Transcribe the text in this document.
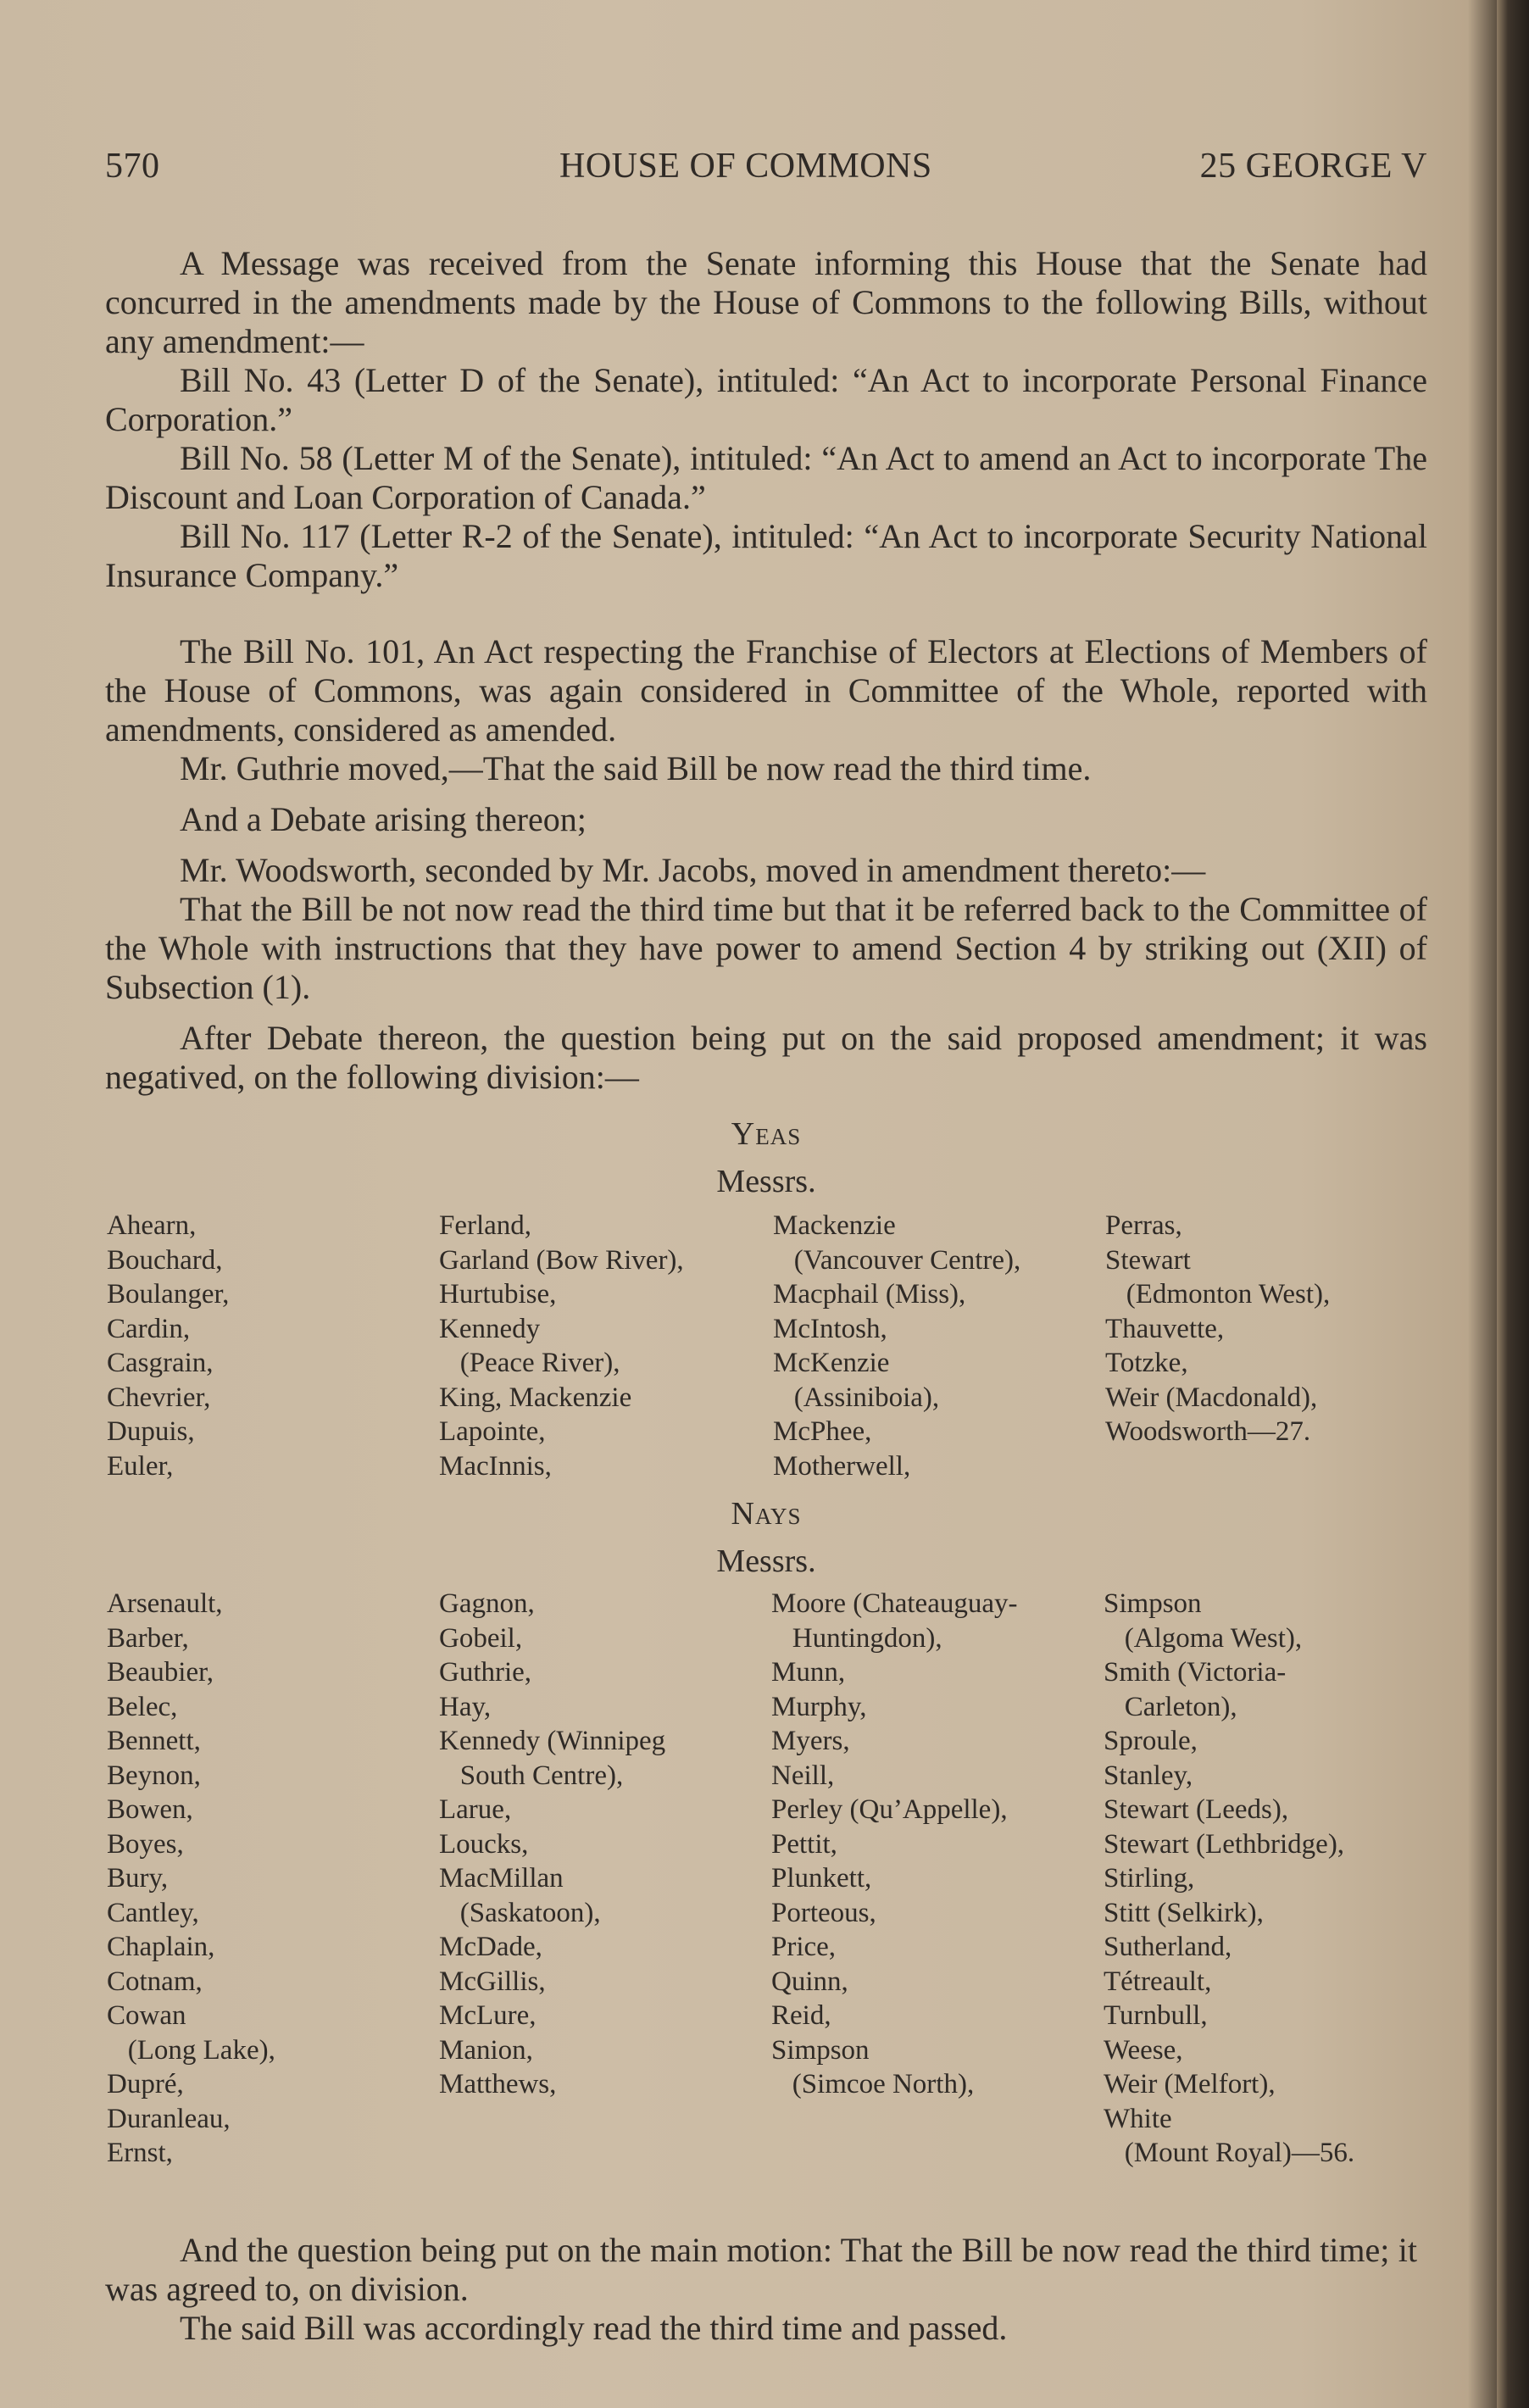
570	HOUSE OF COMMONS	25 GEORGE V

A Message was received from the Senate informing this House that the Senate had concurred in the amendments made by the House of Commons to the following Bills, without any amendment:—

Bill No. 43 (Letter D of the Senate), intituled: “An Act to incorporate Personal Finance Corporation.”

Bill No. 58 (Letter M of the Senate), intituled: “An Act to amend an Act to incorporate The Discount and Loan Corporation of Canada.”

Bill No. 117 (Letter R-2 of the Senate), intituled: “An Act to incorporate Security National Insurance Company.”

The Bill No. 101, An Act respecting the Franchise of Electors at Elections of Members of the House of Commons, was again considered in Committee of the Whole, reported with amendments, considered as amended.

Mr. Guthrie moved,—That the said Bill be now read the third time.

And a Debate arising thereon;

Mr. Woodsworth, seconded by Mr. Jacobs, moved in amendment thereto:—

That the Bill be not now read the third time but that it be referred back to the Committee of the Whole with instructions that they have power to amend Section 4 by striking out (XII) of Subsection (1).

After Debate thereon, the question being put on the said proposed amendment; it was negatived, on the following division:—

Yeas
Messrs.
Ahearn,
Bouchard,
Boulanger,
Cardin,
Casgrain,
Chevrier,
Dupuis,
Euler,
Ferland,
Garland (Bow River),
Hurtubise,
Kennedy
(Peace River),
King, Mackenzie
Lapointe,
MacInnis,
Mackenzie
(Vancouver Centre),
Macphail (Miss),
McIntosh,
McKenzie
(Assiniboia),
McPhee,
Motherwell,
Perras,
Stewart
(Edmonton West),
Thauvette,
Totzke,
Weir (Macdonald),
Woodsworth—27.
Nays
Messrs.
Arsenault,
Barber,
Beaubier,
Belec,
Bennett,
Beynon,
Bowen,
Boyes,
Bury,
Cantley,
Chaplain,
Cotnam,
Cowan
(Long Lake),
Dupré,
Duranleau,
Ernst,
Gagnon,
Gobeil,
Guthrie,
Hay,
Kennedy (Winnipeg
South Centre),
Larue,
Loucks,
MacMillan
(Saskatoon),
McDade,
McGillis,
McLure,
Manion,
Matthews,
Moore (Chateauguay-
Huntingdon),
Munn,
Murphy,
Myers,
Neill,
Perley (Qu’Appelle),
Pettit,
Plunkett,
Porteous,
Price,
Quinn,
Reid,
Simpson
(Simcoe North),
Simpson
(Algoma West),
Smith (Victoria-
Carleton),
Sproule,
Stanley,
Stewart (Leeds),
Stewart (Lethbridge),
Stirling,
Stitt (Selkirk),
Sutherland,
Tétreault,
Turnbull,
Weese,
Weir (Melfort),
White
(Mount Royal)—56.

And the question being put on the main motion: That the Bill be now read the third time; it was agreed to, on division.

The said Bill was accordingly read the third time and passed.
